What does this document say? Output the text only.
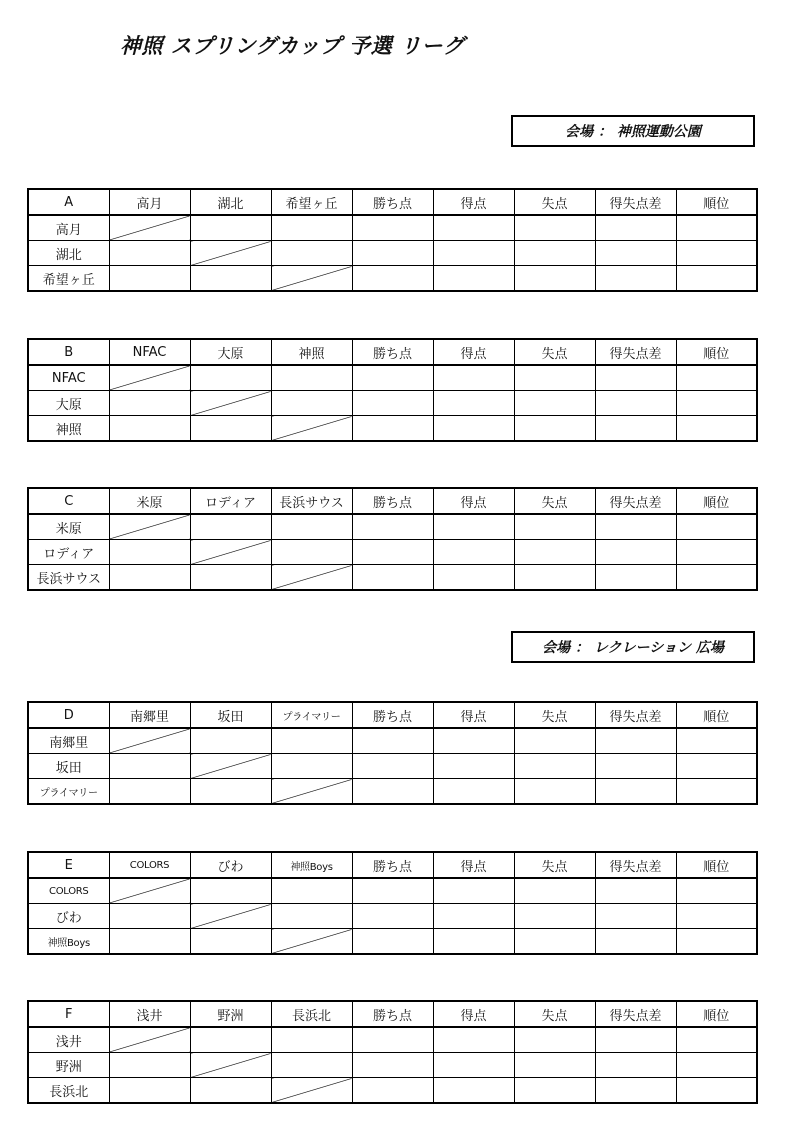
神照 スプリングカップ 予選 リーグ
会場 ： 神照運動公園
会場 ： レクレーション 広場
A	高月	湖北	希望ヶ丘	勝ち点	得点	失点	得失点差	順位
高月								
湖北								
希望ヶ丘								
B	NFAC	大原	神照	勝ち点	得点	失点	得失点差	順位
NFAC								
大原								
神照								
C	米原	ロディア	長浜サウス	勝ち点	得点	失点	得失点差	順位
米原								
ロディア								
長浜サウス								
D	南郷里	坂田	プライマリー	勝ち点	得点	失点	得失点差	順位
南郷里								
坂田								
プライマリー								
E	COLORS	びわ	神照Boys	勝ち点	得点	失点	得失点差	順位
COLORS								
びわ								
神照Boys								
F	浅井	野洲	長浜北	勝ち点	得点	失点	得失点差	順位
浅井								
野洲								
長浜北								
